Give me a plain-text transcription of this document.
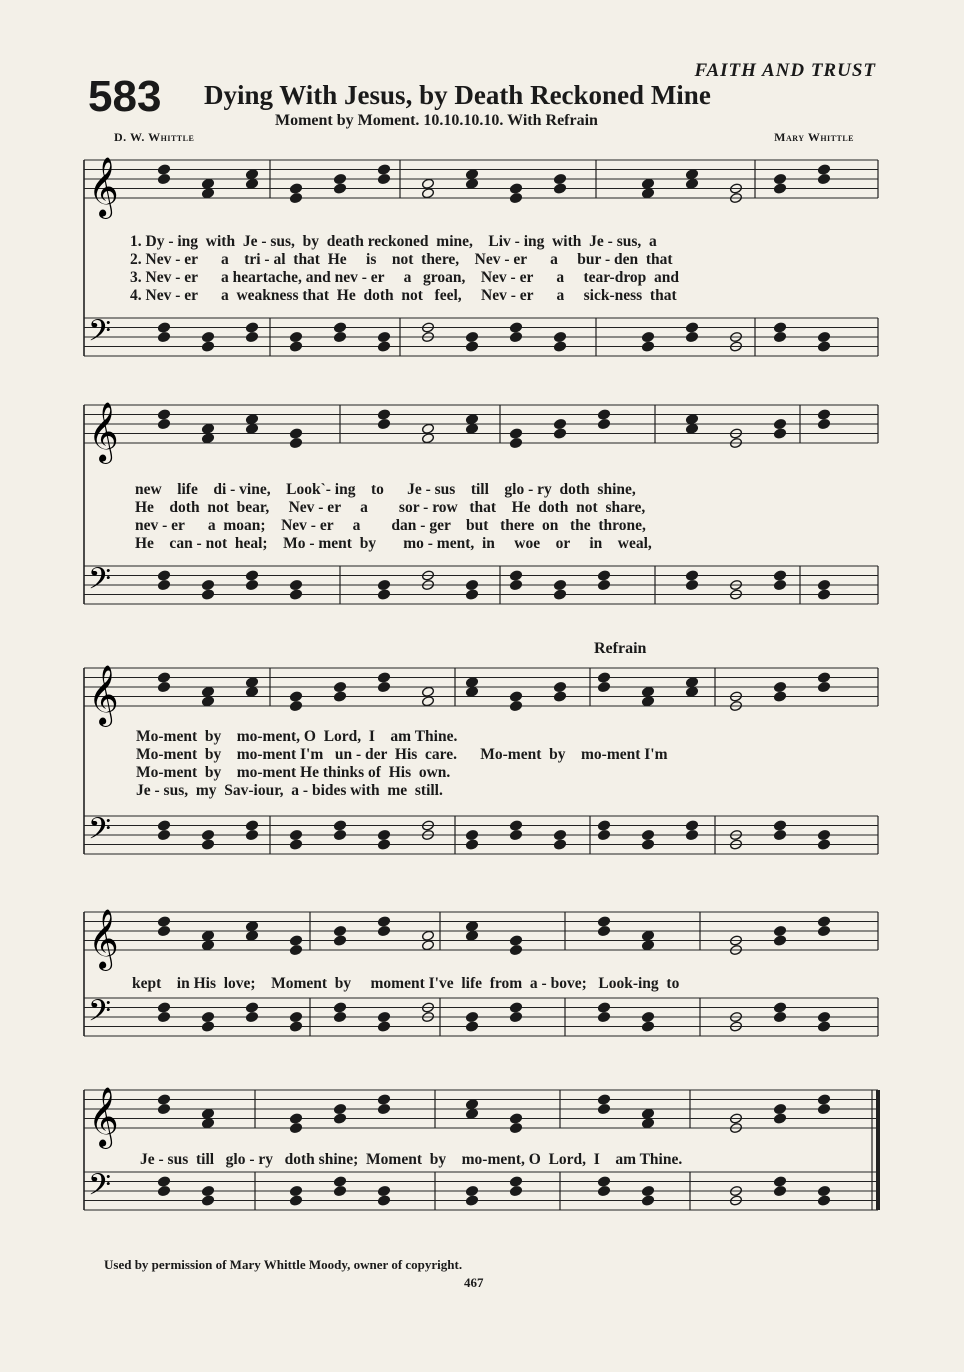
FAITH AND TRUST
583 Dying With Jesus, by Death Reckoned Mine
Moment by Moment. 10.10.10.10. With Refrain
D. W. Whittle	Mary Whittle
𝄞
𝄢
𝄞
𝄢
𝄞
𝄢
𝄞
𝄢
𝄞
𝄢
1. Dy - ing  with  Je - sus,  by  death reckoned  mine,    Liv - ing  with  Je - sus,  a
2. Nev - er      a    tri - al  that  He     is    not  there,    Nev - er      a     bur - den  that
3. Nev - er      a heartache, and nev - er     a   groan,    Nev - er      a     tear-drop  and
4. Nev - er      a  weakness that  He  doth  not   feel,     Nev - er      a     sick-ness  that
new    life    di - vine,    Look`- ing    to      Je - sus    till    glo - ry  doth  shine,
He    doth  not  bear,     Nev - er     a        sor - row   that    He  doth  not  share,
nev - er      a  moan;    Nev - er     a        dan - ger    but   there  on   the  throne,
He    can - not  heal;    Mo - ment  by       mo - ment,  in     woe    or     in    weal,
Refrain
Mo-ment  by    mo-ment, O  Lord,  I    am Thine.
Mo-ment  by    mo-ment I'm   un - der  His  care.      Mo-ment  by    mo-ment I'm
Mo-ment  by    mo-ment He thinks of  His  own.
Je - sus,  my  Sav-iour,  a - bides with  me  still.
kept    in His  love;    Moment  by     moment I've  life  from  a - bove;   Look-ing  to
Je - sus  till   glo - ry   doth shine;  Moment  by    mo-ment, O  Lord,  I    am Thine.
Used by permission of Mary Whittle Moody, owner of copyright.
467
